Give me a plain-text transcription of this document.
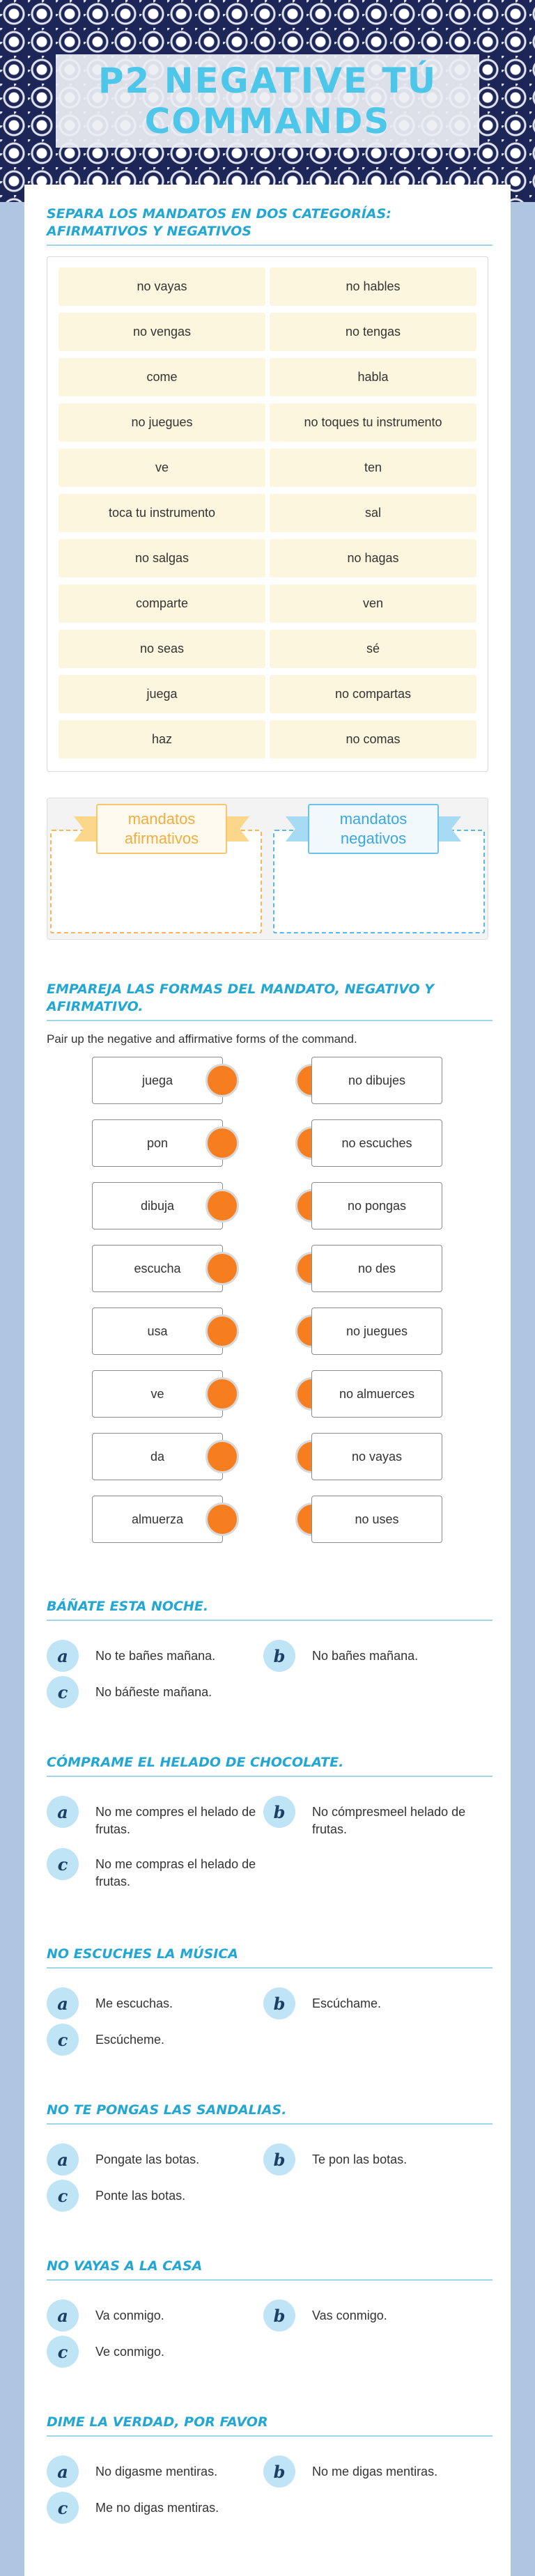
P2 NEGATIVE TÚ COMMANDS
SEPARA LOS MANDATOS EN DOS CATEGORÍAS: AFIRMATIVOS Y NEGATIVOS
no vayas	no hables
no vengas	no tengas
come	habla
no juegues	no toques tu instrumento
ve	ten
toca tu instrumento	sal
no salgas	no hagas
comparte	ven
no seas	sé
juega	no compartas
haz	no comas
mandatos afirmativos
mandatos negativos
EMPAREJA LAS FORMAS DEL MANDATO, NEGATIVO Y AFIRMATIVO.
Pair up the negative and affirmative forms of the command.
juega	no dibujes
pon	no escuches
dibuja	no pongas
escucha	no des
usa	no juegues
ve	no almuerces
da	no vayas
almuerza	no uses
BÁÑATE ESTA NOCHE.
a	No te bañes mañana.	b	No bañes mañana.
c	No báñeste mañana.
CÓMPRAME EL HELADO DE CHOCOLATE.
a	No me compres el helado de frutas.
b	No cómpresmeel helado de frutas.
c	No me compras el helado de frutas.
NO ESCUCHES LA MÚSICA
a	Me escuchas.	b	Escúchame.
c	Escúcheme.
NO TE PONGAS LAS SANDALIAS.
a	Pongate las botas.	b	Te pon las botas.
c	Ponte las botas.
NO VAYAS A LA CASA
a	Va conmigo.	b	Vas conmigo.
c	Ve conmigo.
DIME LA VERDAD, POR FAVOR
a	No digasme mentiras.	b	No me digas mentiras.
c	Me no digas mentiras.
